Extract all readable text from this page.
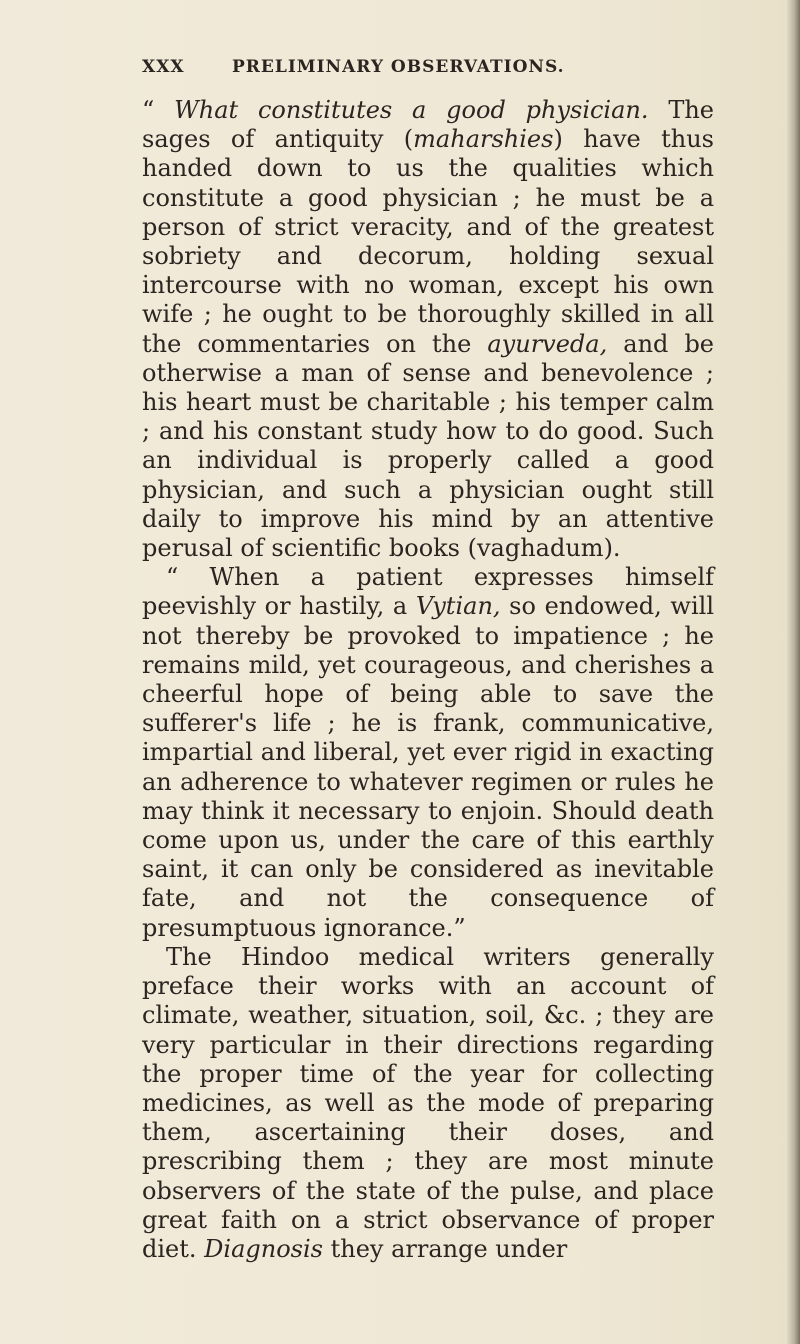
XXX	PRELIMINARY OBSERVATIONS.

“ What constitutes a good physician. The sages of antiquity (maharshies) have thus handed down to us the qualities which constitute a good physician ; he must be a person of strict veracity, and of the greatest sobriety and decorum, holding sexual intercourse with no woman, except his own wife ; he ought to be thoroughly skilled in all the commentaries on the ayurveda, and be otherwise a man of sense and benevolence ; his heart must be charitable ; his temper calm ; and his constant study how to do good. Such an individual is properly called a good physician, and such a physician ought still daily to improve his mind by an attentive perusal of scientific books (vaghadum).

“ When a patient expresses himself peevishly or hastily, a Vytian, so endowed, will not thereby be provoked to impatience ; he remains mild, yet courageous, and cherishes a cheerful hope of being able to save the sufferer's life ; he is frank, communicative, impartial and liberal, yet ever rigid in exacting an adherence to whatever regimen or rules he may think it necessary to enjoin. Should death come upon us, under the care of this earthly saint, it can only be considered as inevitable fate, and not the consequence of presumptuous ignorance.”

The Hindoo medical writers generally preface their works with an account of climate, weather, situation, soil, &c. ; they are very particular in their directions regarding the proper time of the year for collecting medicines, as well as the mode of preparing them, ascertaining their doses, and prescribing them ; they are most minute observers of the state of the pulse, and place great faith on a strict observance of proper diet. Diagnosis they arrange under
